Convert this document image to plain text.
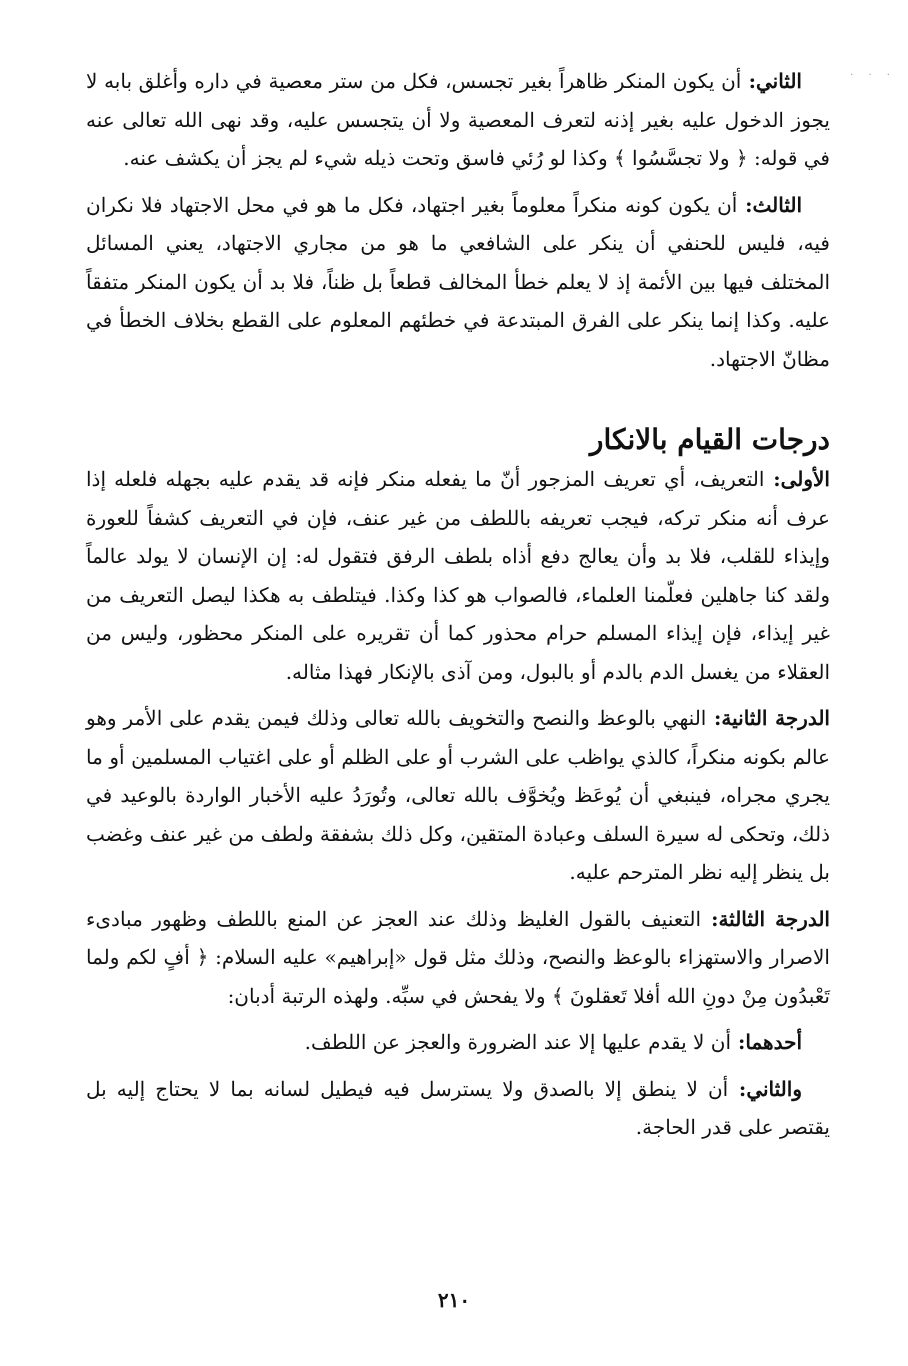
· · ·

الثاني: أن يكون المنكر ظاهراً بغير تجسس، فكل من ستر معصية في داره وأغلق بابه لا يجوز الدخول عليه بغير إذنه لتعرف المعصية ولا أن يتجسس عليه، وقد نهى الله تعالى عنه في قوله: ﴿ ولا تجسَّسُوا ﴾ وكذا لو رُئي فاسق وتحت ذيله شيء لم يجز أن يكشف عنه.

الثالث: أن يكون كونه منكراً معلوماً بغير اجتهاد، فكل ما هو في محل الاجتهاد فلا نكران فيه، فليس للحنفي أن ينكر على الشافعي ما هو من مجاري الاجتهاد، يعني المسائل المختلف فيها بين الأئمة إذ لا يعلم خطأ المخالف قطعاً بل ظناً، فلا بد أن يكون المنكر متفقاً عليه. وكذا إنما ينكر على الفرق المبتدعة في خطئهم المعلوم على القطع بخلاف الخطأ في مظانّ الاجتهاد.

درجات القيام بالانكار

الأولى: التعريف، أي تعريف المزجور أنّ ما يفعله منكر فإنه قد يقدم عليه بجهله فلعله إذا عرف أنه منكر تركه، فيجب تعريفه باللطف من غير عنف، فإن في التعريف كشفاً للعورة وإيذاء للقلب، فلا بد وأن يعالج دفع أذاه بلطف الرفق فتقول له: إن الإنسان لا يولد عالماً ولقد كنا جاهلين فعلّمنا العلماء، فالصواب هو كذا وكذا. فيتلطف به هكذا ليصل التعريف من غير إيذاء، فإن إيذاء المسلم حرام محذور كما أن تقريره على المنكر محظور، وليس من العقلاء من يغسل الدم بالدم أو بالبول، ومن آذى بالإنكار فهذا مثاله.

الدرجة الثانية: النهي بالوعظ والنصح والتخويف بالله تعالى وذلك فيمن يقدم على الأمر وهو عالم بكونه منكراً، كالذي يواظب على الشرب أو على الظلم أو على اغتياب المسلمين أو ما يجري مجراه، فينبغي أن يُوعَظ ويُخوَّف بالله تعالى، وتُورَدُ عليه الأخبار الواردة بالوعيد في ذلك، وتحكى له سيرة السلف وعبادة المتقين، وكل ذلك بشفقة ولطف من غير عنف وغضب بل ينظر إليه نظر المترحم عليه.

الدرجة الثالثة: التعنيف بالقول الغليظ وذلك عند العجز عن المنع باللطف وظهور مبادىء الاصرار والاستهزاء بالوعظ والنصح، وذلك مثل قول «إبراهيم» عليه السلام: ﴿ أفٍ لكم ولما تَعْبدُون مِنْ دونِ الله أفلا تَعقلونَ ﴾ ولا يفحش في سبِّه. ولهذه الرتبة أدبان:

أحدهما: أن لا يقدم عليها إلا عند الضرورة والعجز عن اللطف.

والثاني: أن لا ينطق إلا بالصدق ولا يسترسل فيه فيطيل لسانه بما لا يحتاج إليه بل يقتصر على قدر الحاجة.

٢١٠
